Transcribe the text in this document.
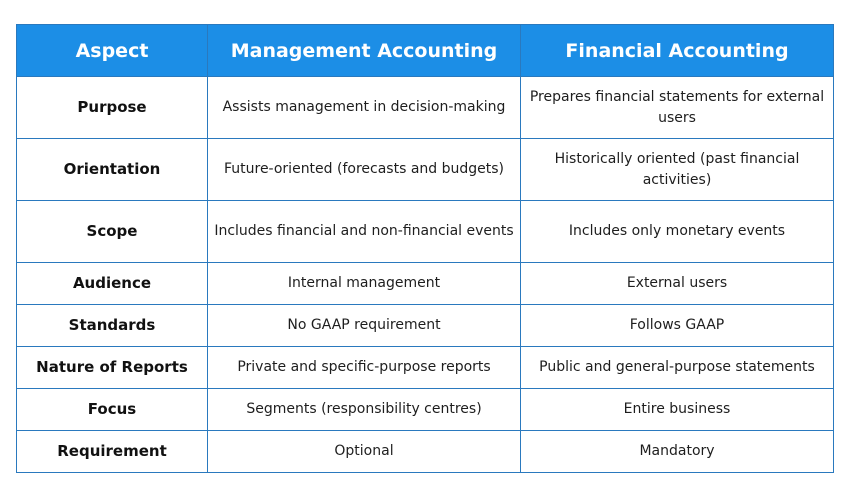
Aspect	Management Accounting	Financial Accounting
Purpose	Assists management in decision-making	Prepares financial statements for external users
Orientation	Future-oriented (forecasts and budgets)	Historically oriented (past financial activities)
Scope	Includes financial and non-financial events	Includes only monetary events
Audience	Internal management	External users
Standards	No GAAP requirement	Follows GAAP
Nature of Reports	Private and specific-purpose reports	Public and general-purpose statements
Focus	Segments (responsibility centres)	Entire business
Requirement	Optional	Mandatory
